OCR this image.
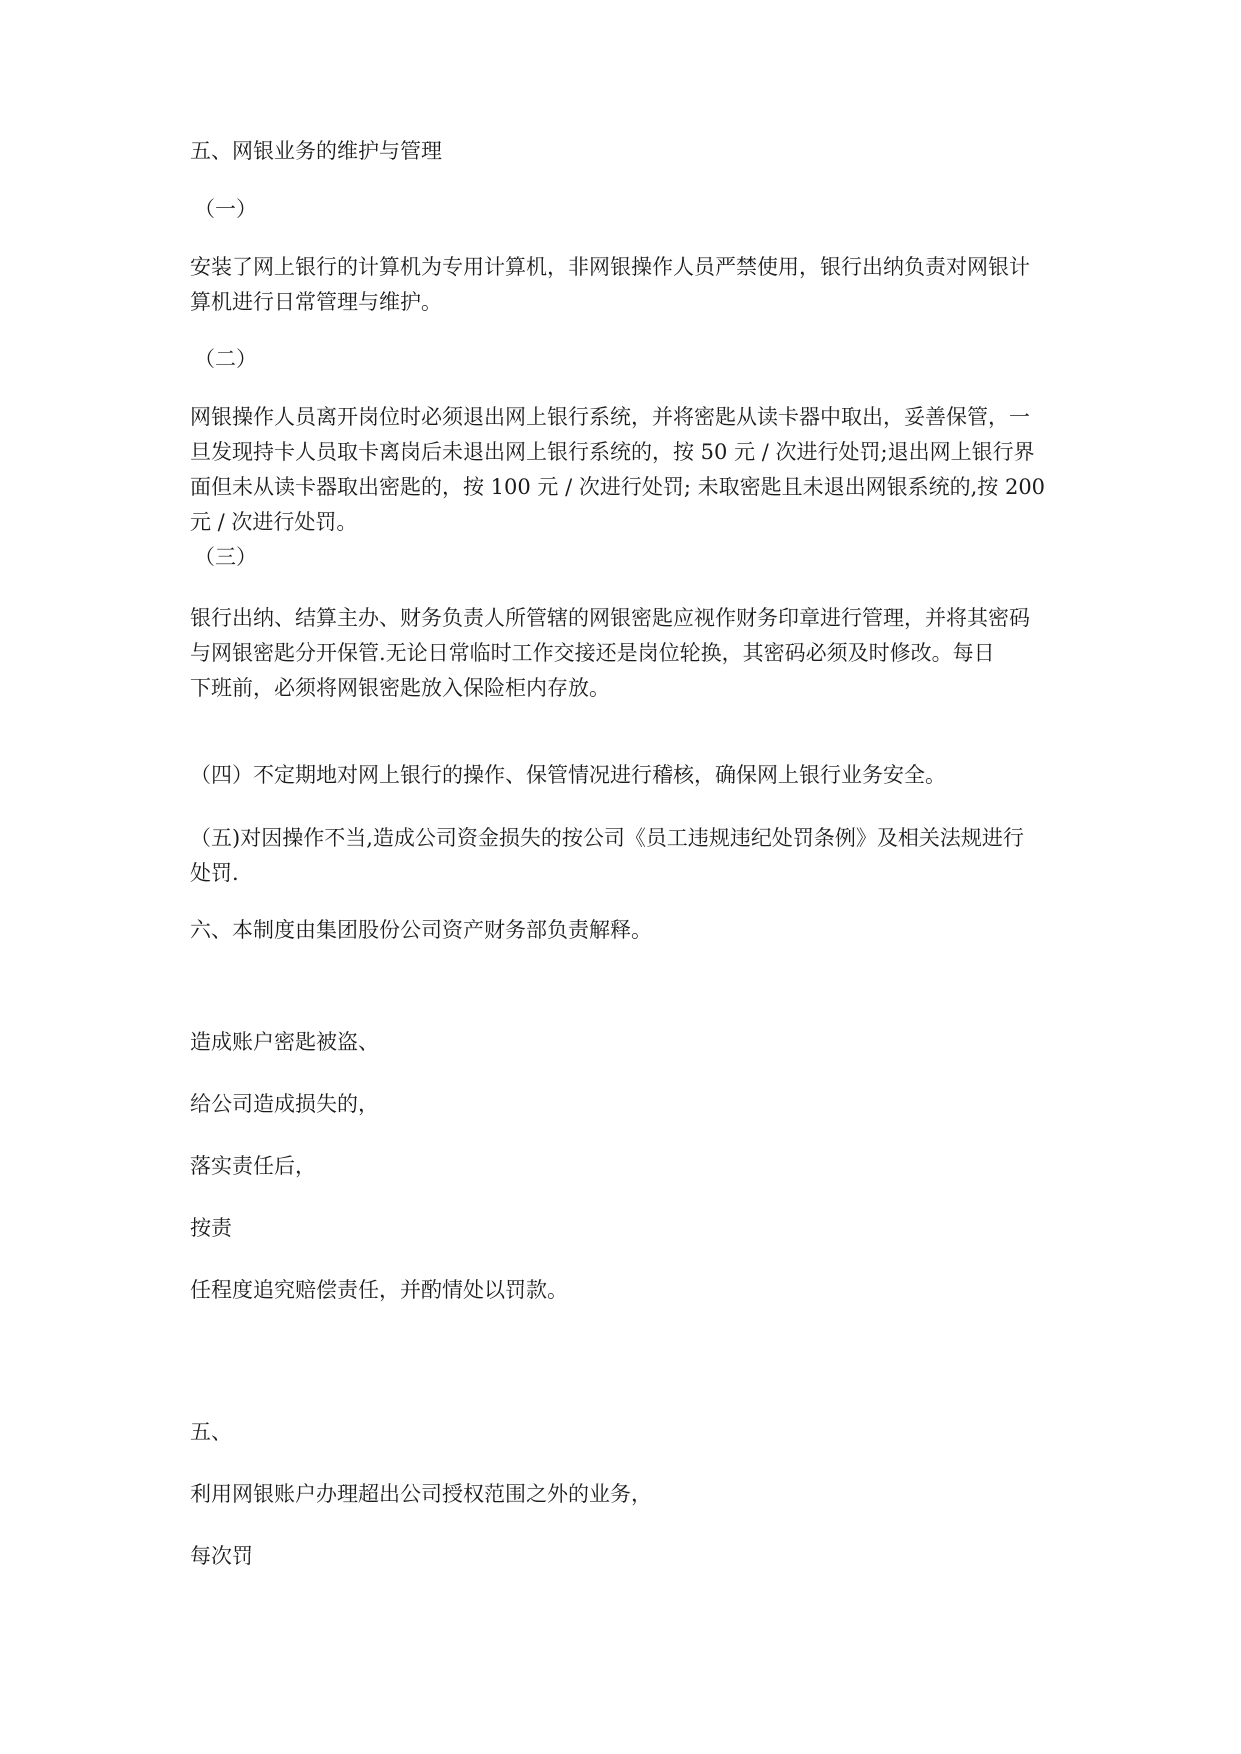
五、网银业务的维护与管理

（一）

安装了网上银行的计算机为专用计算机，非网银操作人员严禁使用，银行出纳负责对网银计
算机进行日常管理与维护。

（二）

网银操作人员离开岗位时必须退出网上银行系统，并将密匙从读卡器中取出，妥善保管，一
旦发现持卡人员取卡离岗后未退出网上银行系统的，按 50 元 / 次进行处罚;退出网上银行界
面但未从读卡器取出密匙的，按 100 元 / 次进行处罚; 未取密匙且未退出网银系统的,按 200
元 / 次进行处罚。

（三）

银行出纳、结算主办、财务负责人所管辖的网银密匙应视作财务印章进行管理，并将其密码
与网银密匙分开保管.无论日常临时工作交接还是岗位轮换，其密码必须及时修改。每日
下班前，必须将网银密匙放入保险柜内存放。

（四）不定期地对网上银行的操作、保管情况进行稽核，确保网上银行业务安全。

（五)对因操作不当,造成公司资金损失的按公司《员工违规违纪处罚条例》及相关法规进行
处罚.

六、本制度由集团股份公司资产财务部负责解释。

造成账户密匙被盗、

给公司造成损失的，

落实责任后，

按责

任程度追究赔偿责任，并酌情处以罚款。

五、

利用网银账户办理超出公司授权范围之外的业务，

每次罚
